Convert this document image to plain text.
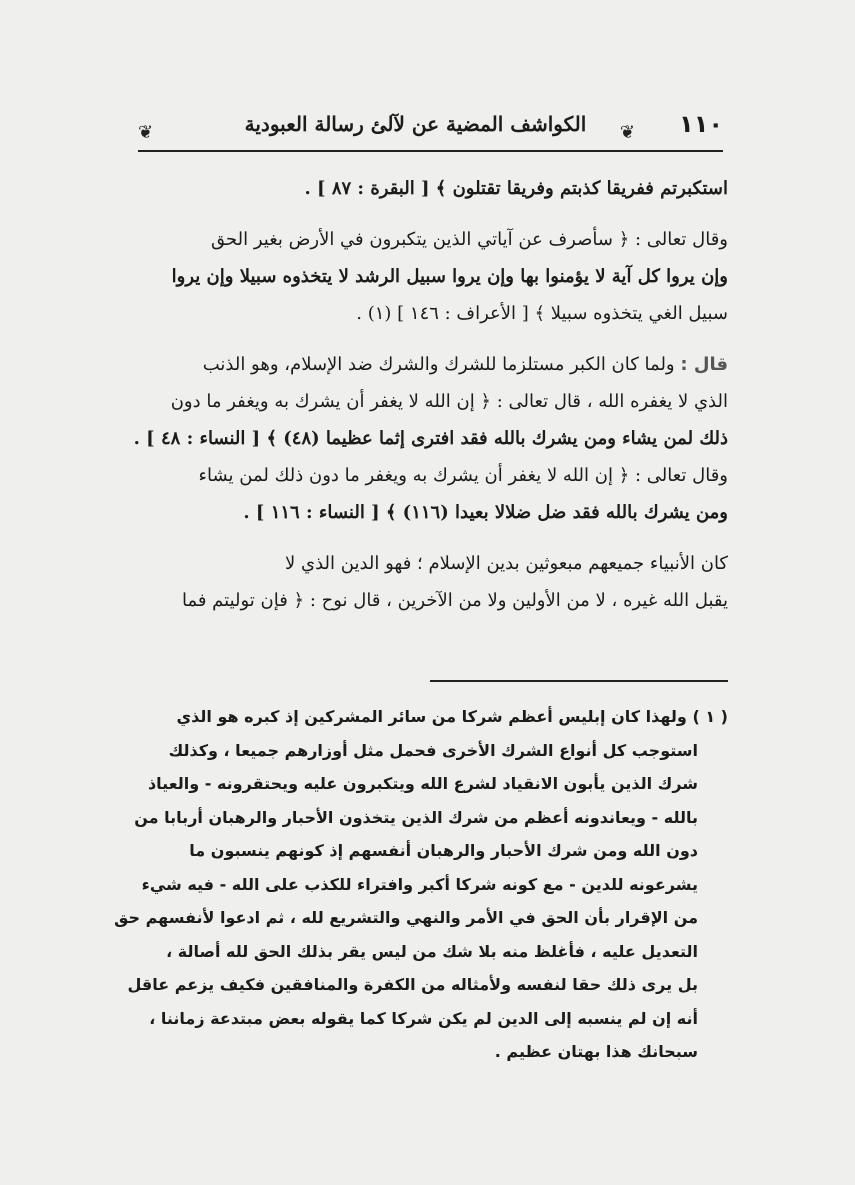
١١٠
❦
الكواشف المضية عن لآلئ رسالة العبودية
❦
استكبرتم ففريقا كذبتم وفريقا تقتلون ﴾ [ البقرة : ٨٧ ] .
وقال تعالى : ﴿ سأصرف عن آياتي الذين يتكبرون في الأرض بغير الحق
وإن يروا كل آية لا يؤمنوا بها وإن يروا سبيل الرشد لا يتخذوه سبيلا وإن يروا
سبيل الغي يتخذوه سبيلا ﴾ [ الأعراف : ١٤٦ ] (١) .
قال : ولما كان الكبر مستلزما للشرك والشرك ضد الإسلام، وهو الذنب
الذي لا يغفره الله ، قال تعالى : ﴿ إن الله لا يغفر أن يشرك به ويغفر ما دون
ذلك لمن يشاء ومن يشرك بالله فقد افترى إثما عظيما (٤٨) ﴾ [ النساء : ٤٨ ] .
وقال تعالى : ﴿ إن الله لا يغفر أن يشرك به ويغفر ما دون ذلك لمن يشاء
ومن يشرك بالله فقد ضل ضلالا بعيدا (١١٦) ﴾ [ النساء : ١١٦ ] .
كان الأنبياء جميعهم مبعوثين بدين الإسلام ؛ فهو الدين الذي لا
يقبل الله غيره ، لا من الأولين ولا من الآخرين ، قال نوح : ﴿ فإن توليتم فما
( ١ ) ولهذا كان إبليس أعظم شركا من سائر المشركين إذ كبره هو الذي
استوجب كل أنواع الشرك الأخرى فحمل مثل أوزارهم جميعا ، وكذلك
شرك الذين يأبون الانقياد لشرع الله ويتكبرون عليه ويحتقرونه - والعياذ
بالله - ويعاندونه أعظم من شرك الذين يتخذون الأحبار والرهبان أربابا من
دون الله ومن شرك الأحبار والرهبان أنفسهم إذ كونهم ينسبون ما
يشرعونه للدين - مع كونه شركا أكبر وافتراء للكذب على الله - فيه شيء
من الإقرار بأن الحق في الأمر والنهي والتشريع لله ، ثم ادعوا لأنفسهم حق
التعديل عليه ، فأغلظ منه بلا شك من ليس يقر بذلك الحق لله أصالة ،
بل يرى ذلك حقا لنفسه ولأمثاله من الكفرة والمنافقين فكيف يزعم عاقل
أنه إن لم ينسبه إلى الدين لم يكن شركا كما يقوله بعض مبتدعة زماننا ،
سبحانك هذا بهتان عظيم .
